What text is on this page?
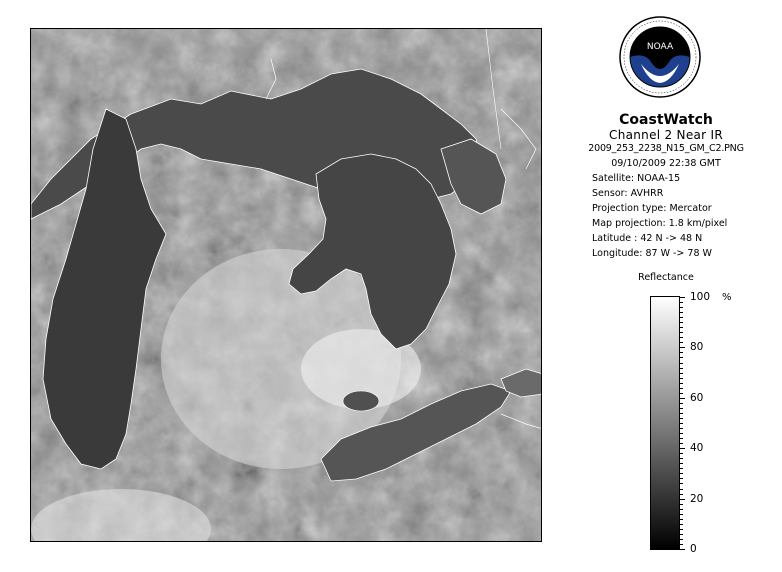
NOAA
CoastWatch
Channel 2 Near IR
2009_253_2238_N15_GM_C2.PNG
09/10/2009 22:38 GMT
Satellite: NOAA-15
Sensor: AVHRR
Projection type: Mercator
Map projection: 1.8 km/pixel
Latitude : 42 N -> 48 N
Longitude: 87 W -> 78 W
Reflectance
%
100
80
60
40
20
0
